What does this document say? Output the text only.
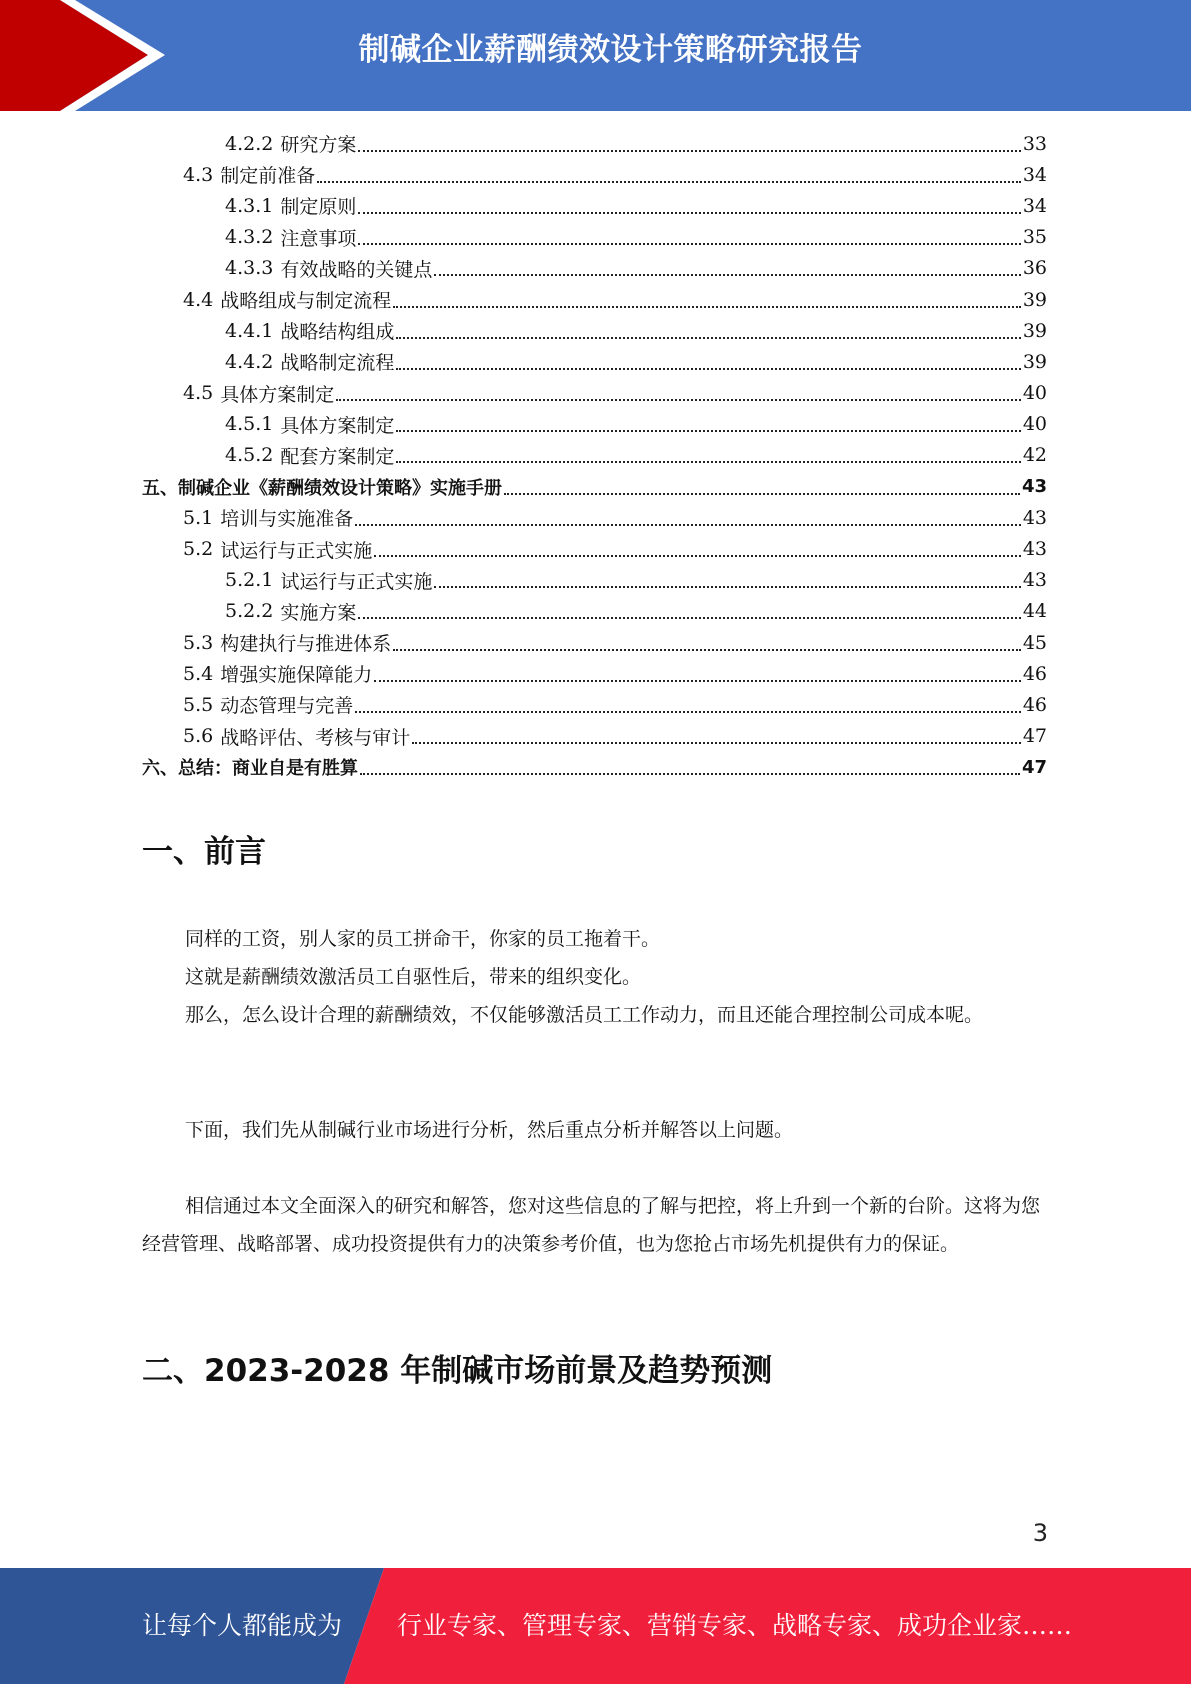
制碱企业薪酬绩效设计策略研究报告
4.2.2 研究方案	33
4.3 制定前准备	34
4.3.1 制定原则	34
4.3.2 注意事项	35
4.3.3 有效战略的关键点	36
4.4 战略组成与制定流程	39
4.4.1 战略结构组成	39
4.4.2 战略制定流程	39
4.5 具体方案制定	40
4.5.1 具体方案制定	40
4.5.2 配套方案制定	42
五、制碱企业《薪酬绩效设计策略》实施手册	43
5.1 培训与实施准备	43
5.2 试运行与正式实施	43
5.2.1 试运行与正式实施	43
5.2.2 实施方案	44
5.3 构建执行与推进体系	45
5.4 增强实施保障能力	46
5.5 动态管理与完善	46
5.6 战略评估、考核与审计	47
六、总结：商业自是有胜算	47
一、前言
同样的工资，别人家的员工拼命干，你家的员工拖着干。
这就是薪酬绩效激活员工自驱性后，带来的组织变化。
那么，怎么设计合理的薪酬绩效，不仅能够激活员工工作动力，而且还能合理控制公司成本呢。
下面，我们先从制碱行业市场进行分析，然后重点分析并解答以上问题。
相信通过本文全面深入的研究和解答，您对这些信息的了解与把控，将上升到一个新的台阶。这将为您经营管理、战略部署、成功投资提供有力的决策参考价值，也为您抢占市场先机提供有力的保证。
二、2023-2028 年制碱市场前景及趋势预测
3
让每个人都能成为 行业专家、管理专家、营销专家、战略专家、成功企业家……
